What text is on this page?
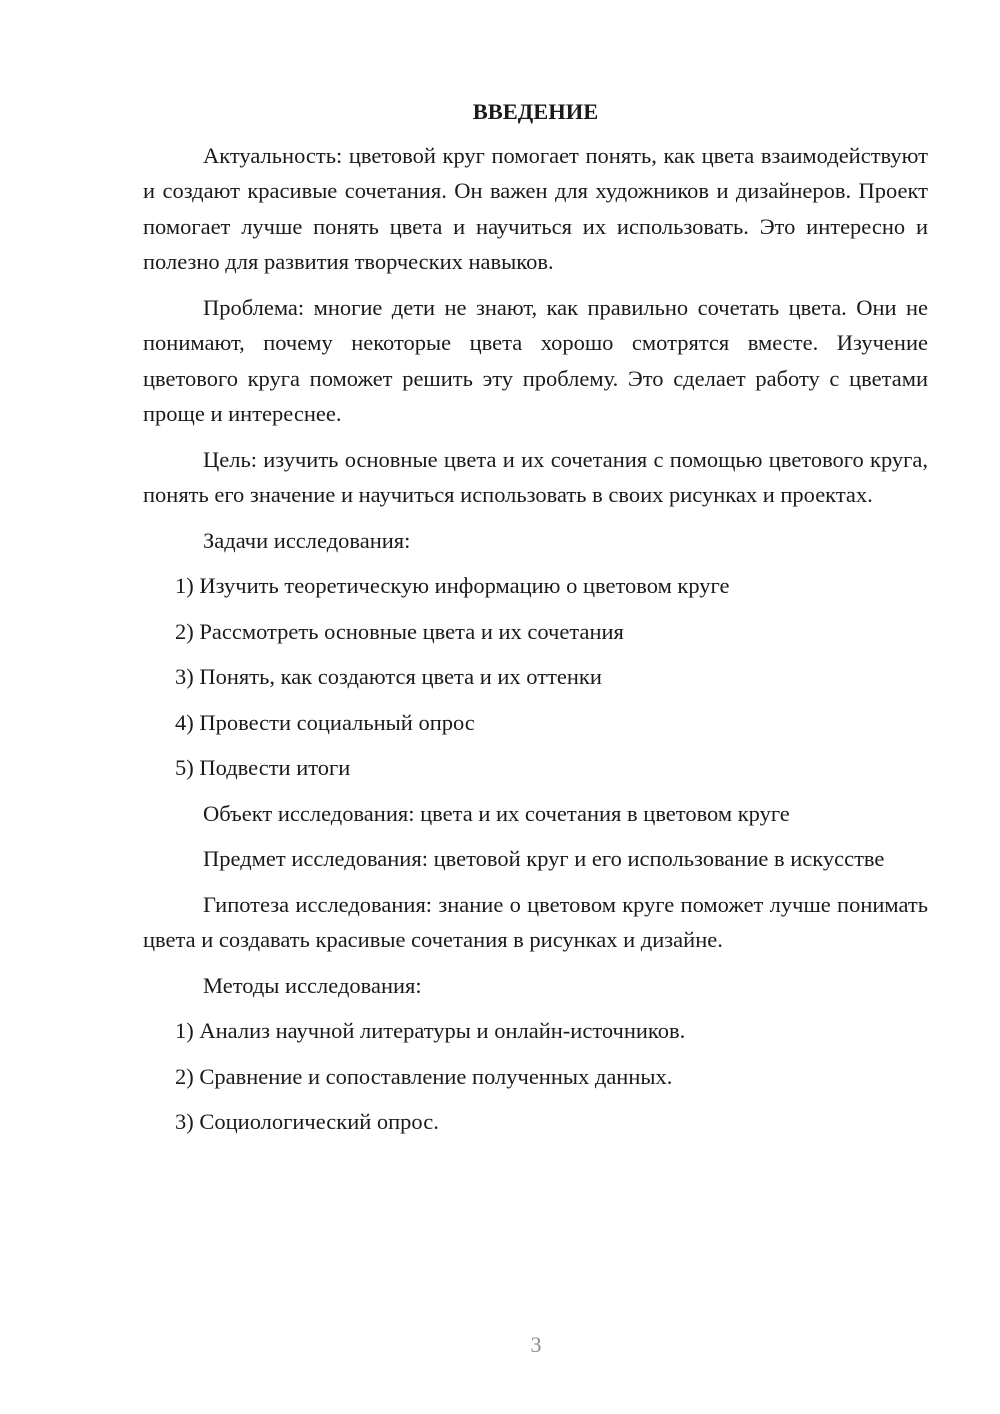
ВВЕДЕНИЕ

Актуальность: цветовой круг помогает понять, как цвета взаимодействуют и создают красивые сочетания. Он важен для художников и дизайнеров. Проект помогает лучше понять цвета и научиться их использовать. Это интересно и полезно для развития творческих навыков.

Проблема: многие дети не знают, как правильно сочетать цвета. Они не понимают, почему некоторые цвета хорошо смотрятся вместе. Изучение цветового круга поможет решить эту проблему. Это сделает работу с цветами проще и интереснее.

Цель: изучить основные цвета и их сочетания с помощью цветового круга, понять его значение и научиться использовать в своих рисунках и проектах.

Задачи исследования:

1) Изучить теоретическую информацию о цветовом круге
2) Рассмотреть основные цвета и их сочетания
3) Понять, как создаются цвета и их оттенки
4) Провести социальный опрос
5) Подвести итоги

Объект исследования: цвета и их сочетания в цветовом круге

Предмет исследования: цветовой круг и его использование в искусстве

Гипотеза исследования: знание о цветовом круге поможет лучше понимать цвета и создавать красивые сочетания в рисунках и дизайне.

Методы исследования:

1) Анализ научной литературы и онлайн-источников.
2) Сравнение и сопоставление полученных данных.
3) Социологический опрос.
3
